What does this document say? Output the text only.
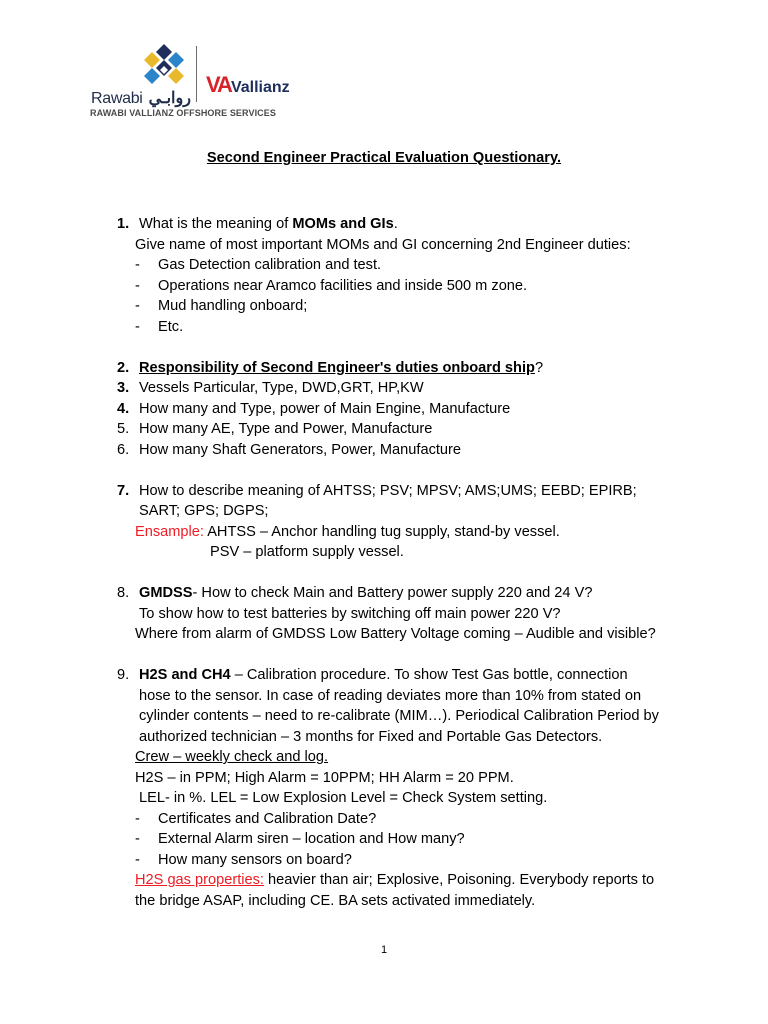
Rawabi روابـي
VAVallianz
RAWABI VALLIANZ OFFSHORE SERVICES
Second Engineer Practical Evaluation Questionary.
1. What is the meaning of MOMs and GIs.
Give name of most important MOMs and GI concerning 2nd Engineer duties:
- Gas Detection calibration and test.
- Operations near Aramco facilities and inside 500 m zone.
- Mud handling onboard;
- Etc.
2. Responsibility of Second Engineer's duties onboard ship?
3. Vessels Particular, Type, DWD,GRT, HP,KW
4. How many and Type, power of Main Engine, Manufacture
5. How many AE, Type and Power, Manufacture
6. How many Shaft Generators, Power, Manufacture
7. How to describe meaning of AHTSS; PSV; MPSV; AMS;UMS; EEBD; EPIRB;
SART; GPS; DGPS;
Ensample: AHTSS – Anchor handling tug supply, stand-by vessel.
PSV – platform supply vessel.
8. GMDSS- How to check Main and Battery power supply 220 and 24 V?
To show how to test batteries by switching off main power 220 V?
Where from alarm of GMDSS Low Battery Voltage coming – Audible and visible?
9. H2S and CH4 – Calibration procedure. To show Test Gas bottle, connection
hose to the sensor. In case of reading deviates more than 10% from stated on
cylinder contents – need to re-calibrate (MIM…). Periodical Calibration Period by
authorized technician – 3 months for Fixed and Portable Gas Detectors.
Crew – weekly check and log.
H2S – in PPM; High Alarm = 10PPM; HH Alarm = 20 PPM.
LEL- in %. LEL = Low Explosion Level = Check System setting.
- Certificates and Calibration Date?
- External Alarm siren – location and How many?
- How many sensors on board?
H2S gas properties: heavier than air; Explosive, Poisoning. Everybody reports to
the bridge ASAP, including CE. BA sets activated immediately.
1
